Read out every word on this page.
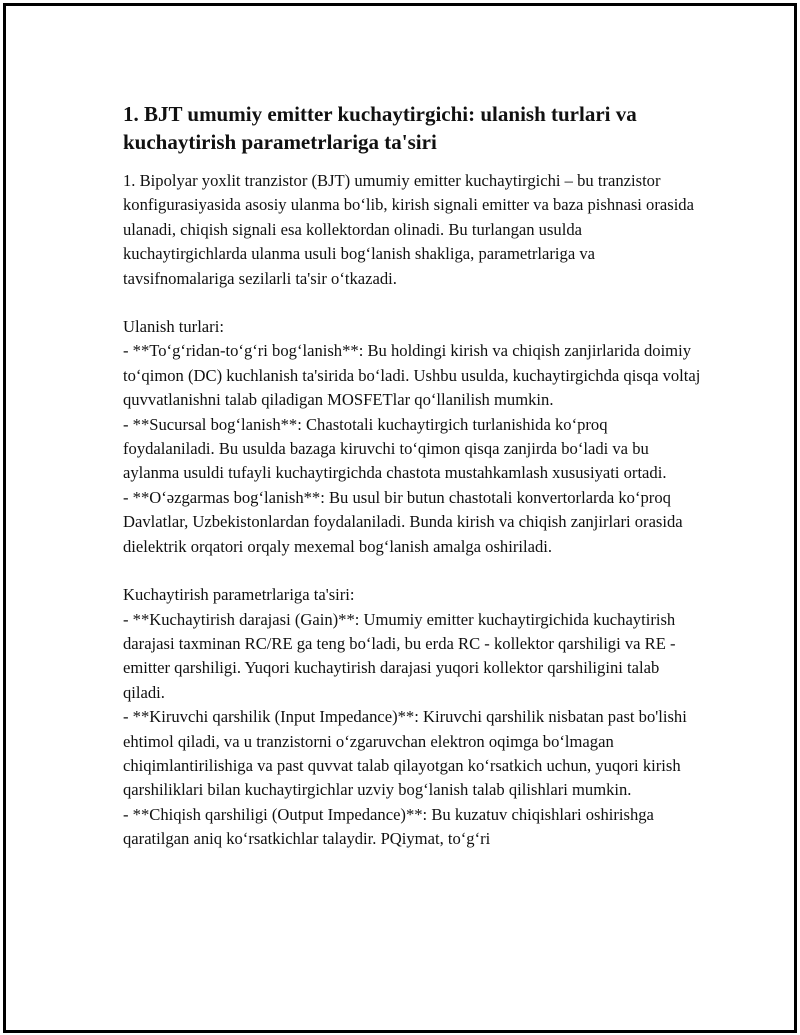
1. BJT umumiy emitter kuchaytirgichi: ulanish turlari va kuchaytirish parametrlariga ta'siri

1. Bipolyar yoxlit tranzistor (BJT) umumiy emitter kuchaytirgichi – bu tranzistor konfigurasiyasida asosiy ulanma bo‘lib, kirish signali emitter va baza pishnasi orasida ulanadi, chiqish signali esa kollektordan olinadi. Bu turlangan usulda kuchaytirgichlarda ulanma usuli bog‘lanish shakliga, parametrlariga va tavsifnomalariga sezilarli ta'sir o‘tkazadi.

Ulanish turlari:

- **To‘g‘ridan-to‘g‘ri bog‘lanish**: Bu holdingi kirish va chiqish zanjirlarida doimiy to‘qimon (DC) kuchlanish ta'sirida bo‘ladi. Ushbu usulda, kuchaytirgichda qisqa voltaj quvvatlanishni talab qiladigan MOSFETlar qo‘llanilish mumkin.

- **Sucursal bog‘lanish**: Chastotali kuchaytirgich turlanishida ko‘proq foydalaniladi. Bu usulda bazaga kiruvchi to‘qimon qisqa zanjirda bo‘ladi va bu aylanma usuldi tufayli kuchaytirgichda chastota mustahkamlash xususiyati ortadi.

- **O‘əzgarmas bog‘lanish**: Bu usul bir butun chastotali konvertorlarda ko‘proq Davlatlar, Uzbekistonlardan foydalaniladi. Bunda kirish va chiqish zanjirlari orasida dielektrik orqatori orqaly mexemal bog‘lanish amalga oshiriladi.

Kuchaytirish parametrlariga ta'siri:

- **Kuchaytirish darajasi (Gain)**: Umumiy emitter kuchaytirgichida kuchaytirish darajasi taxminan RC/RE ga teng bo‘ladi, bu erda RC - kollektor qarshiligi va RE - emitter qarshiligi. Yuqori kuchaytirish darajasi yuqori kollektor qarshiligini talab qiladi.

- **Kiruvchi qarshilik (Input Impedance)**: Kiruvchi qarshilik nisbatan past bo'lishi ehtimol qiladi, va u tranzistorni o‘zgaruvchan elektron oqimga bo‘lmagan chiqimlantirilishiga va past quvvat talab qilayotgan ko‘rsatkich uchun, yuqori kirish qarshiliklari bilan kuchaytirgichlar uzviy bog‘lanish talab qilishlari mumkin.

- **Chiqish qarshiligi (Output Impedance)**: Bu kuzatuv chiqishlari oshirishga qaratilgan aniq ko‘rsatkichlar talaydir. PQiymat, to‘g‘ri
